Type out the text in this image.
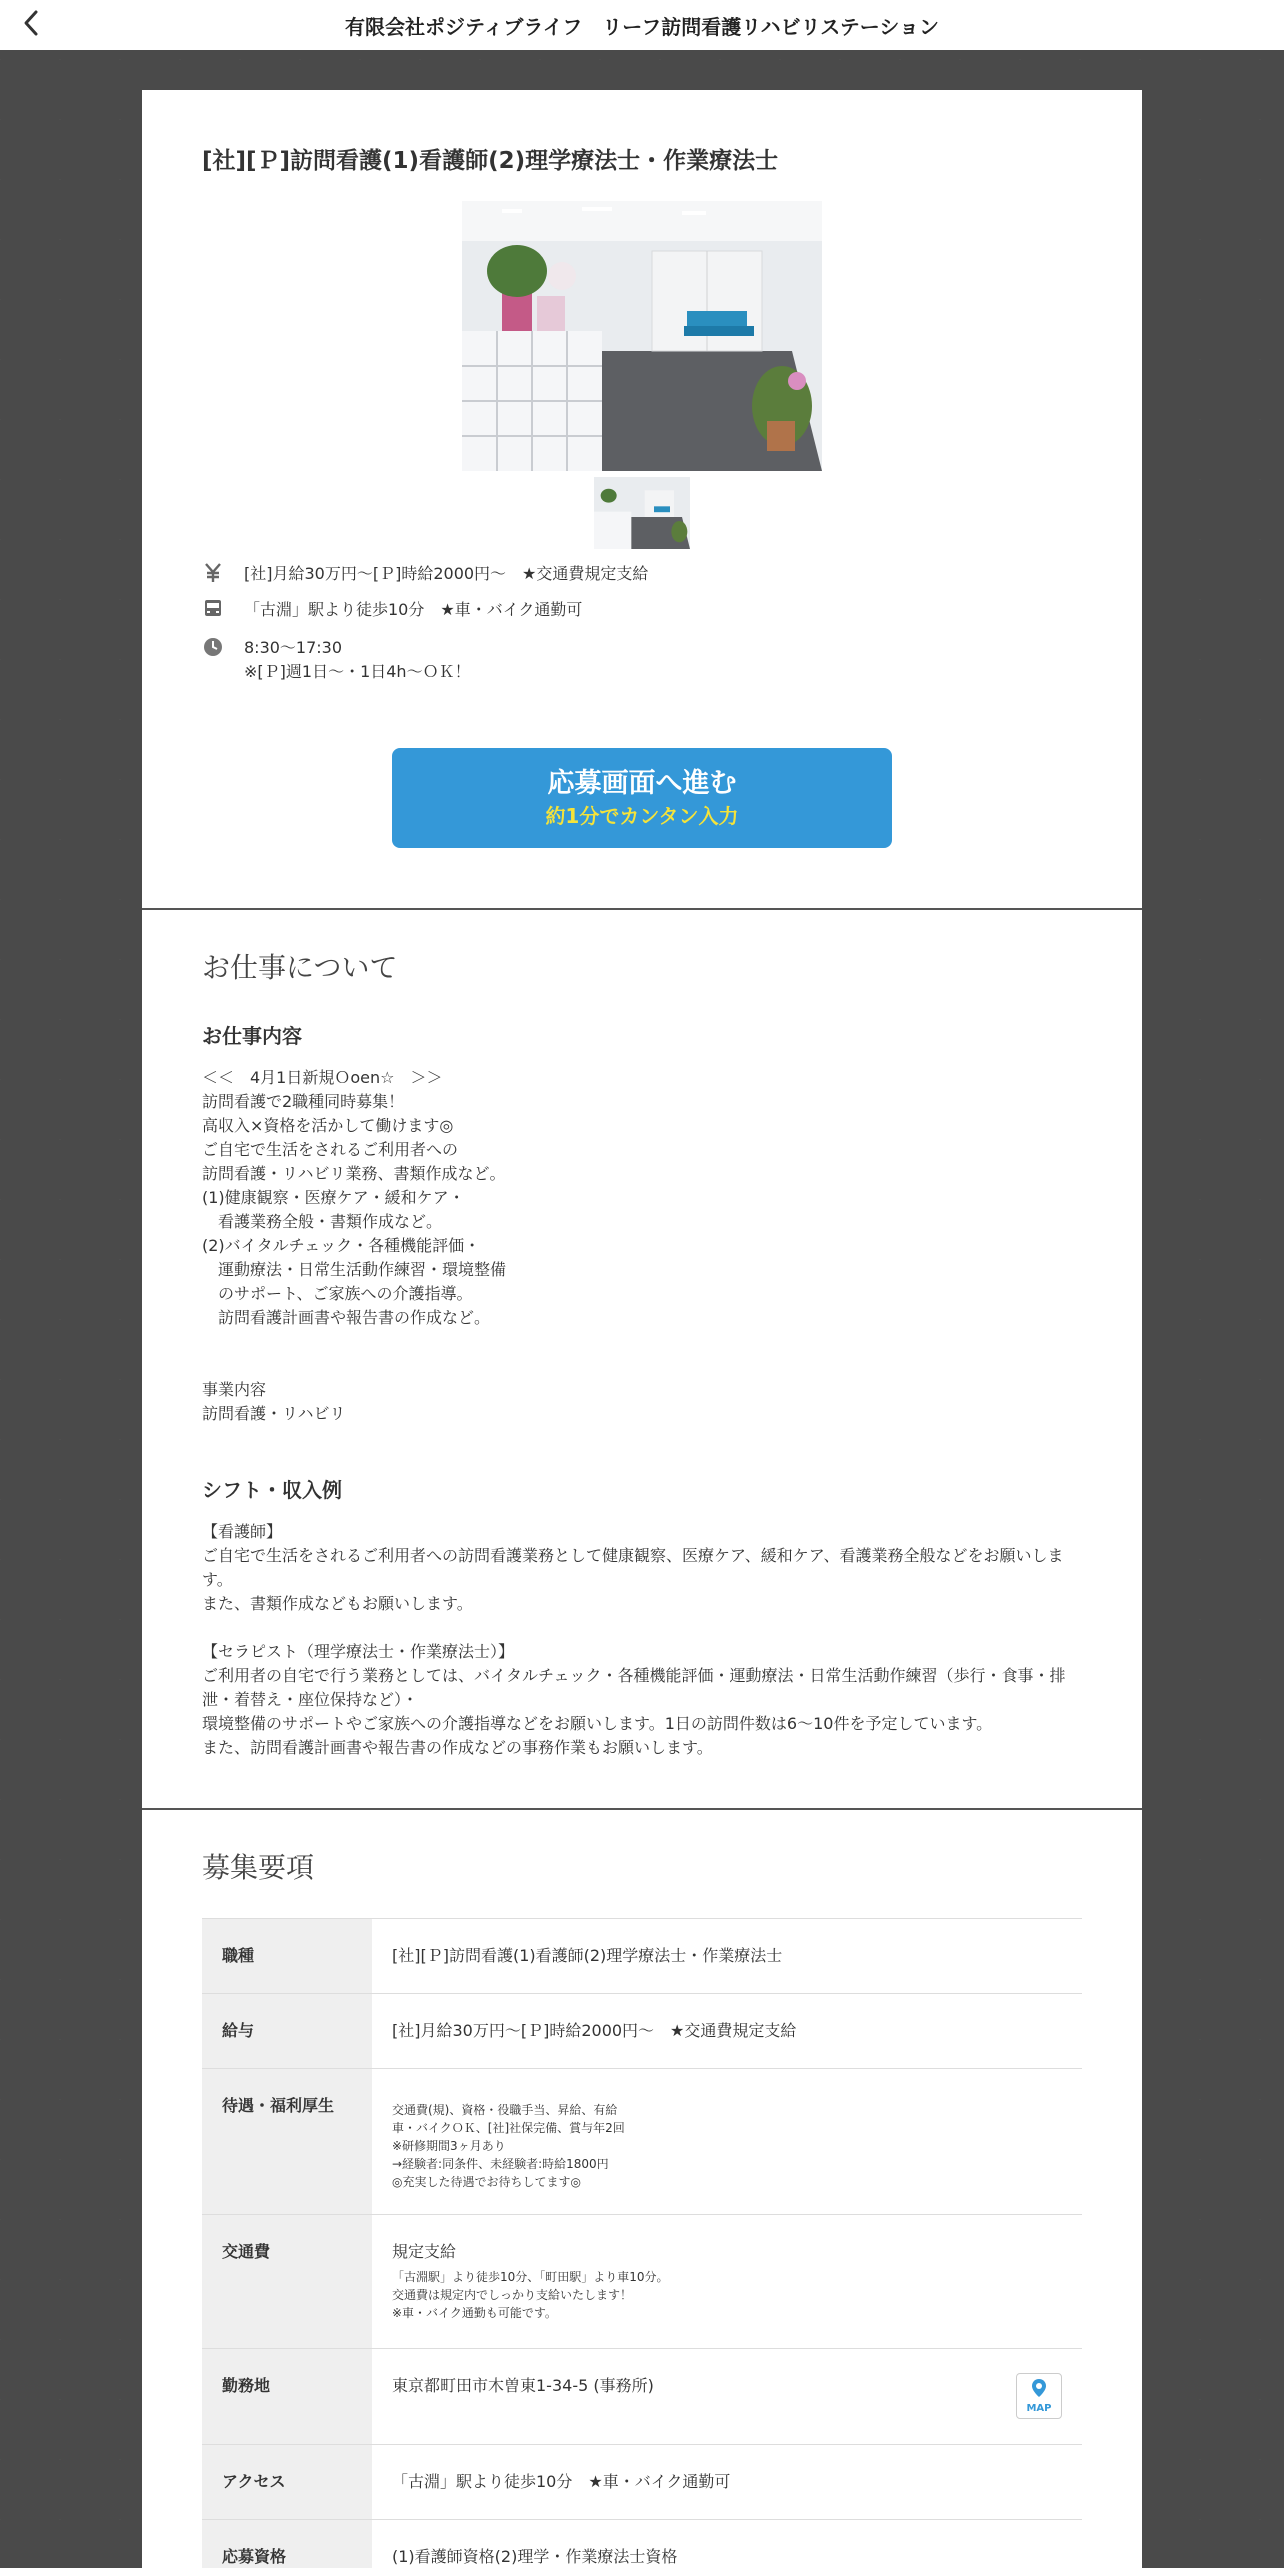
有限会社ポジティブライフ　リーフ訪問看護リハビリステーション
[社][Ｐ]訪問看護(1)看護師(2)理学療法士・作業療法士
[社]月給30万円～[Ｐ]時給2000円～　★交通費規定支給
「古淵」駅より徒歩10分　★車・バイク通勤可
8:30～17:30
※[Ｐ]週1日～・1日4h～ＯＫ！
応募画面へ進む
約1分でカンタン入力
お仕事について
お仕事内容

＜＜　4月1日新規Ｏoen☆　＞＞

訪問看護で2職種同時募集！

高収入×資格を活かして働けます◎

ご自宅で生活をされるご利用者への

訪問看護・リハビリ業務、書類作成など。

(1)健康観察・医療ケア・緩和ケア・

　看護業務全般・書類作成など。

(2)バイタルチェック・各種機能評価・

　運動療法・日常生活動作練習・環境整備

　のサポート、ご家族への介護指導。

　訪問看護計画書や報告書の作成など。

事業内容

訪問看護・リハビリ

シフト・収入例

【看護師】

ご自宅で生活をされるご利用者への訪問看護業務として健康観察、医療ケア、緩和ケア、看護業務全般などをお願いします。

また、書類作成などもお願いします。

【セラピスト（理学療法士・作業療法士）】

ご利用者の自宅で行う業務としては、バイタルチェック・各種機能評価・運動療法・日常生活動作練習（歩行・食事・排泄・着替え・座位保持など）・

環境整備のサポートやご家族への介護指導などをお願いします。1日の訪問件数は6～10件を予定しています。

また、訪問看護計画書や報告書の作成などの事務作業もお願いします。

募集要項
職種	[社][Ｐ]訪問看護(1)看護師(2)理学療法士・作業療法士
給与	[社]月給30万円～[Ｐ]時給2000円～　★交通費規定支給
待遇・福利厚生	交通費(規)、資格・役職手当、昇給、有給

車・バイクＯＫ、[社]社保完備、賞与年2回

※研修期間3ヶ月あり

→経験者:同条件、未経験者:時給1800円

◎充実した待遇でお待ちしてます◎

交通費	規定支給

「古淵駅」より徒歩10分、「町田駅」より車10分。

交通費は規定内でしっかり支給いたします！

※車・バイク通勤も可能です。

勤務地	東京都町田市木曽東1-34-5 (事務所)
MAP
アクセス	「古淵」駅より徒歩10分　★車・バイク通勤可
応募資格	(1)看護師資格(2)理学・作業療法士資格
